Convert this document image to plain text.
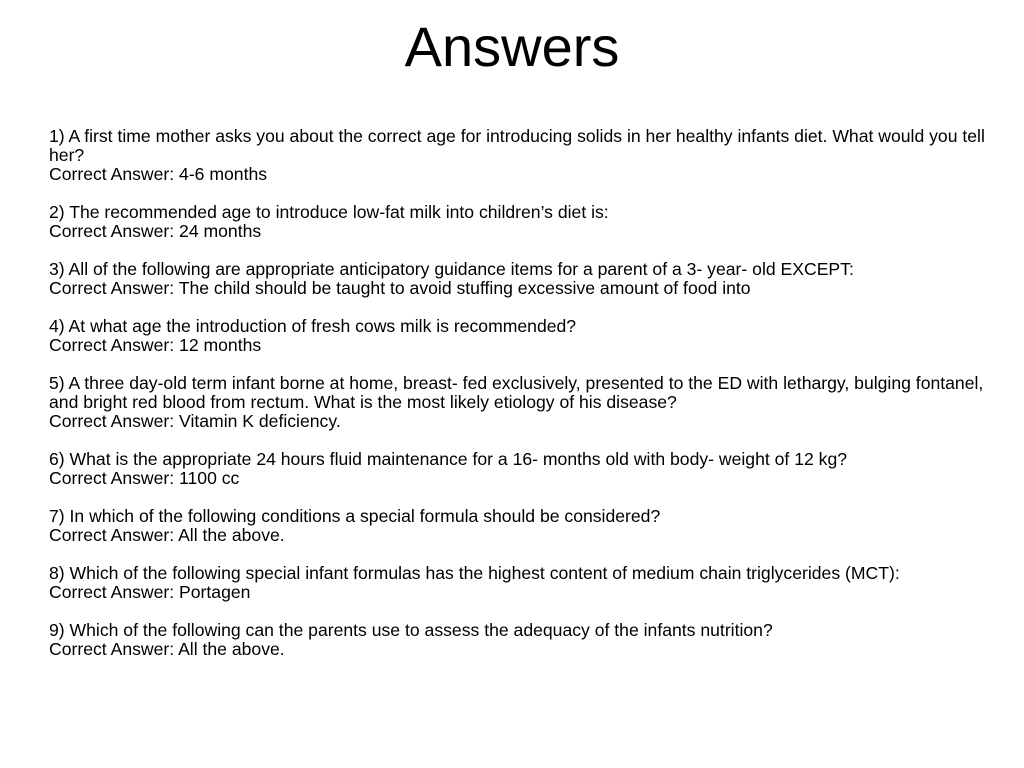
Answers
1) A first time mother asks you about the correct age for introducing solids in her healthy infants diet. What would you tell her?
Correct Answer: 4-6 months
2) The recommended age to introduce low-fat milk into children’s diet is:
Correct Answer: 24 months
3) All of the following are appropriate anticipatory guidance items for a parent of a 3- year- old EXCEPT:
Correct Answer: The child should be taught to avoid stuffing excessive amount of food into
4) At what age the introduction of fresh cows milk is recommended?
Correct Answer: 12 months
5) A three day-old term infant borne at home, breast- fed exclusively, presented to the ED with lethargy, bulging fontanel, and bright red blood from rectum. What is the most likely etiology of his disease?
Correct Answer: Vitamin K deficiency.
6) What is the appropriate 24 hours fluid maintenance for a 16- months old with body- weight of 12 kg?
Correct Answer: 1100 cc
7) In which of the following conditions a special formula should be considered?
Correct Answer: All the above.
8) Which of the following special infant formulas has the highest content of medium chain triglycerides (MCT):
Correct Answer: Portagen
9) Which of the following can the parents use to assess the adequacy of the infants nutrition?
Correct Answer: All the above.
